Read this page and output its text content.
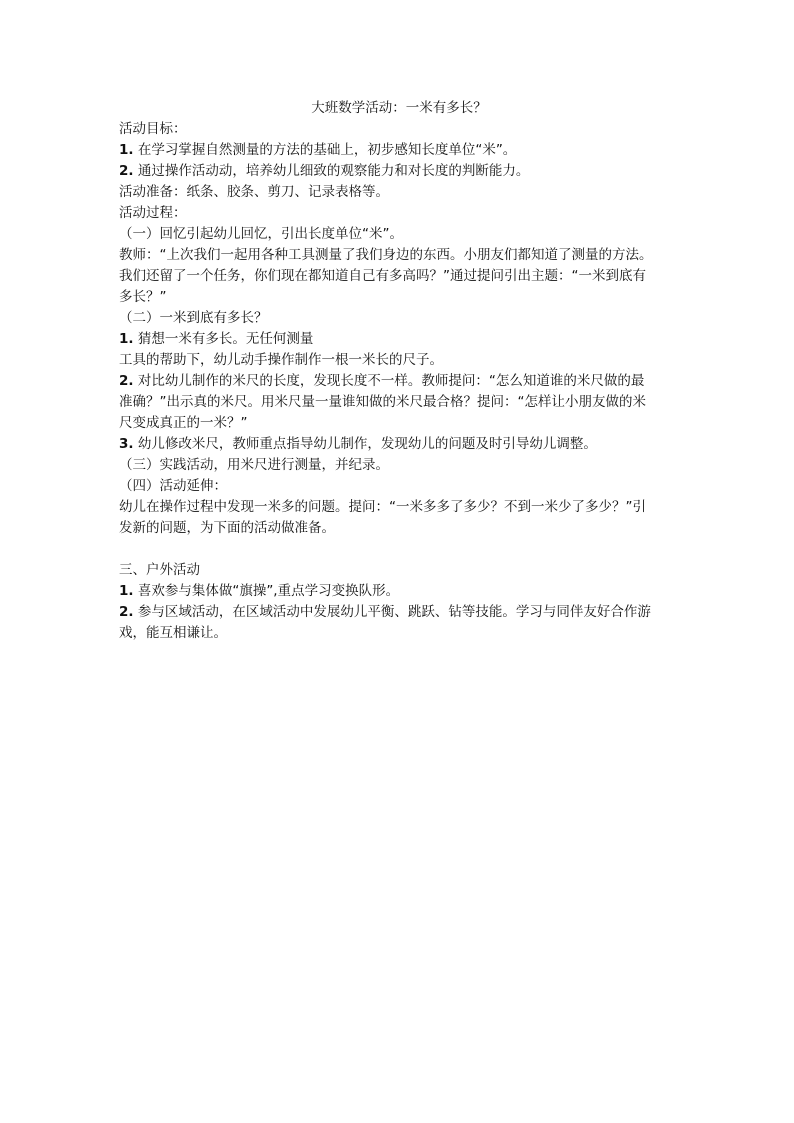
大班数学活动：一米有多长？
活动目标：
1. 在学习掌握自然测量的方法的基础上，初步感知长度单位“米”。
2. 通过操作活动动，培养幼儿细致的观察能力和对长度的判断能力。
活动准备：纸条、胶条、剪刀、记录表格等。
活动过程：
（一）回忆引起幼儿回忆，引出长度单位“米”。
教师：“上次我们一起用各种工具测量了我们身边的东西。小朋友们都知道了测量的方法。
我们还留了一个任务，你们现在都知道自己有多高吗？”通过提问引出主题：“一米到底有
多长？”
（二）一米到底有多长？
1. 猜想一米有多长。无任何测量
工具的帮助下，幼儿动手操作制作一根一米长的尺子。
2. 对比幼儿制作的米尺的长度，发现长度不一样。教师提问：“怎么知道谁的米尺做的最
准确？”出示真的米尺。用米尺量一量谁知做的米尺最合格？提问：“怎样让小朋友做的米
尺变成真正的一米？”
3. 幼儿修改米尺，教师重点指导幼儿制作，发现幼儿的问题及时引导幼儿调整。
（三）实践活动，用米尺进行测量，并纪录。
（四）活动延伸：
幼儿在操作过程中发现一米多的问题。提问：“一米多多了多少？不到一米少了多少？”引
发新的问题，为下面的活动做准备。
三、户外活动
1. 喜欢参与集体做“旗操”,重点学习变换队形。
2. 参与区域活动，在区域活动中发展幼儿平衡、跳跃、钻等技能。学习与同伴友好合作游
戏，能互相谦让。
